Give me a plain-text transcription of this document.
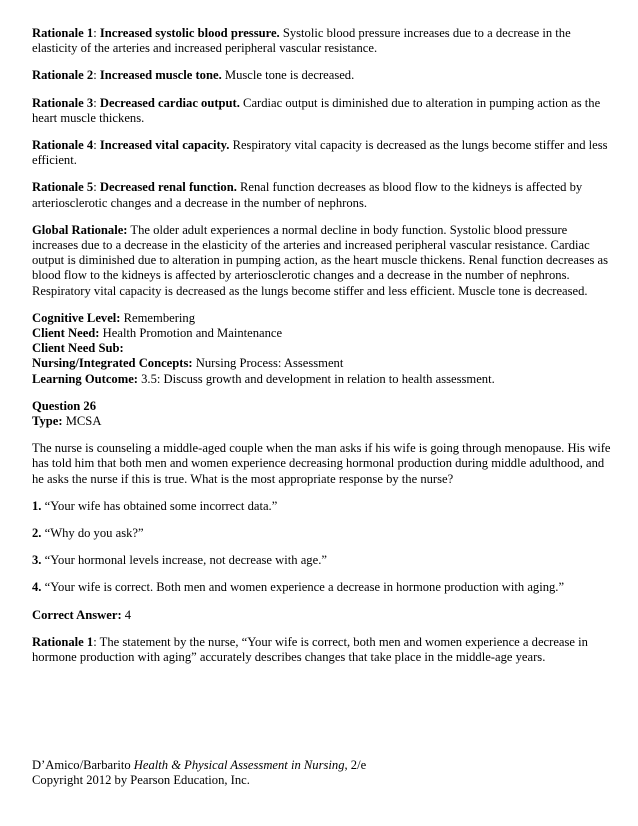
Rationale 1: Increased systolic blood pressure. Systolic blood pressure increases due to a decrease in the elasticity of the arteries and increased peripheral vascular resistance.
Rationale 2: Increased muscle tone. Muscle tone is decreased.
Rationale 3: Decreased cardiac output. Cardiac output is diminished due to alteration in pumping action as the heart muscle thickens.
Rationale 4: Increased vital capacity. Respiratory vital capacity is decreased as the lungs become stiffer and less efficient.
Rationale 5: Decreased renal function. Renal function decreases as blood flow to the kidneys is affected by arteriosclerotic changes and a decrease in the number of nephrons.
Global Rationale: The older adult experiences a normal decline in body function. Systolic blood pressure increases due to a decrease in the elasticity of the arteries and increased peripheral vascular resistance. Cardiac output is diminished due to alteration in pumping action, as the heart muscle thickens. Renal function decreases as blood flow to the kidneys is affected by arteriosclerotic changes and a decrease in the number of nephrons. Respiratory vital capacity is decreased as the lungs become stiffer and less efficient. Muscle tone is decreased.
Cognitive Level: Remembering
Client Need: Health Promotion and Maintenance
Client Need Sub:
Nursing/Integrated Concepts: Nursing Process: Assessment
Learning Outcome: 3.5: Discuss growth and development in relation to health assessment.
Question 26
Type: MCSA
The nurse is counseling a middle-aged couple when the man asks if his wife is going through menopause. His wife has told him that both men and women experience decreasing hormonal production during middle adulthood, and he asks the nurse if this is true. What is the most appropriate response by the nurse?
1. “Your wife has obtained some incorrect data.”
2. “Why do you ask?”
3. “Your hormonal levels increase, not decrease with age.”
4. “Your wife is correct. Both men and women experience a decrease in hormone production with aging.”
Correct Answer: 4
Rationale 1: The statement by the nurse, “Your wife is correct, both men and women experience a decrease in hormone production with aging” accurately describes changes that take place in the middle-age years.
D’Amico/Barbarito Health & Physical Assessment in Nursing, 2/e
Copyright 2012 by Pearson Education, Inc.
